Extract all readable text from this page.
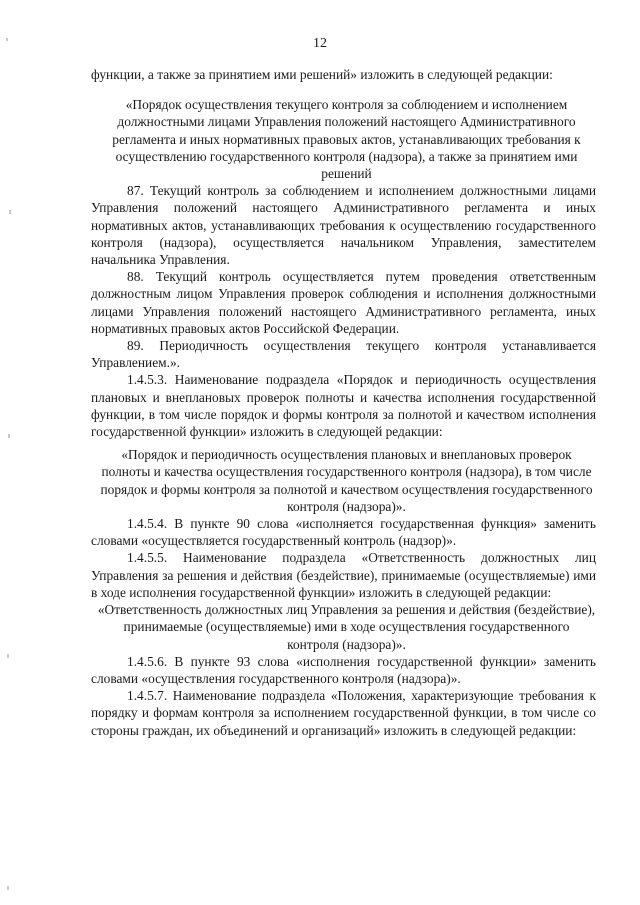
12

функции, а также за принятием ими решений» изложить в следующей редакции:

«Порядок осуществления текущего контроля за соблюдением и исполнением должностными лицами Управления положений настоящего Административного регламента и иных нормативных правовых актов, устанавливающих требования к осуществлению государственного контроля (надзора), а также за принятием ими решений

87. Текущий контроль за соблюдением и исполнением должностными лицами Управления положений настоящего Административного регламента и иных нормативных актов, устанавливающих требования к осуществлению государственного контроля (надзора), осуществляется начальником Управления, заместителем начальника Управления.

88. Текущий контроль осуществляется путем проведения ответственным должностным лицом Управления проверок соблюдения и исполнения должностными лицами Управления положений настоящего Административного регламента, иных нормативных правовых актов Российской Федерации.

89. Периодичность осуществления текущего контроля устанавливается Управлением.».

1.4.5.3. Наименование подраздела «Порядок и периодичность осуществления плановых и внеплановых проверок полноты и качества исполнения государственной функции, в том числе порядок и формы контроля за полнотой и качеством исполнения государственной функции» изложить в следующей редакции:

«Порядок и периодичность осуществления плановых и внеплановых проверок полноты и качества осуществления государственного контроля (надзора), в том числе порядок и формы контроля за полнотой и качеством осуществления государственного контроля (надзора)».

1.4.5.4. В пункте 90 слова «исполняется государственная функция» заменить словами «осуществляется государственный контроль (надзор)».

1.4.5.5. Наименование подраздела «Ответственность должностных лиц Управления за решения и действия (бездействие), принимаемые (осуществляемые) ими в ходе исполнения государственной функции» изложить в следующей редакции:

«Ответственность должностных лиц Управления за решения и действия (бездействие), принимаемые (осуществляемые) ими в ходе осуществления государственного контроля (надзора)».

1.4.5.6. В пункте 93 слова «исполнения государственной функции» заменить словами «осуществления государственного контроля (надзора)».

1.4.5.7. Наименование подраздела «Положения, характеризующие требования к порядку и формам контроля за исполнением государственной функции, в том числе со стороны граждан, их объединений и организаций» изложить в следующей редакции:
